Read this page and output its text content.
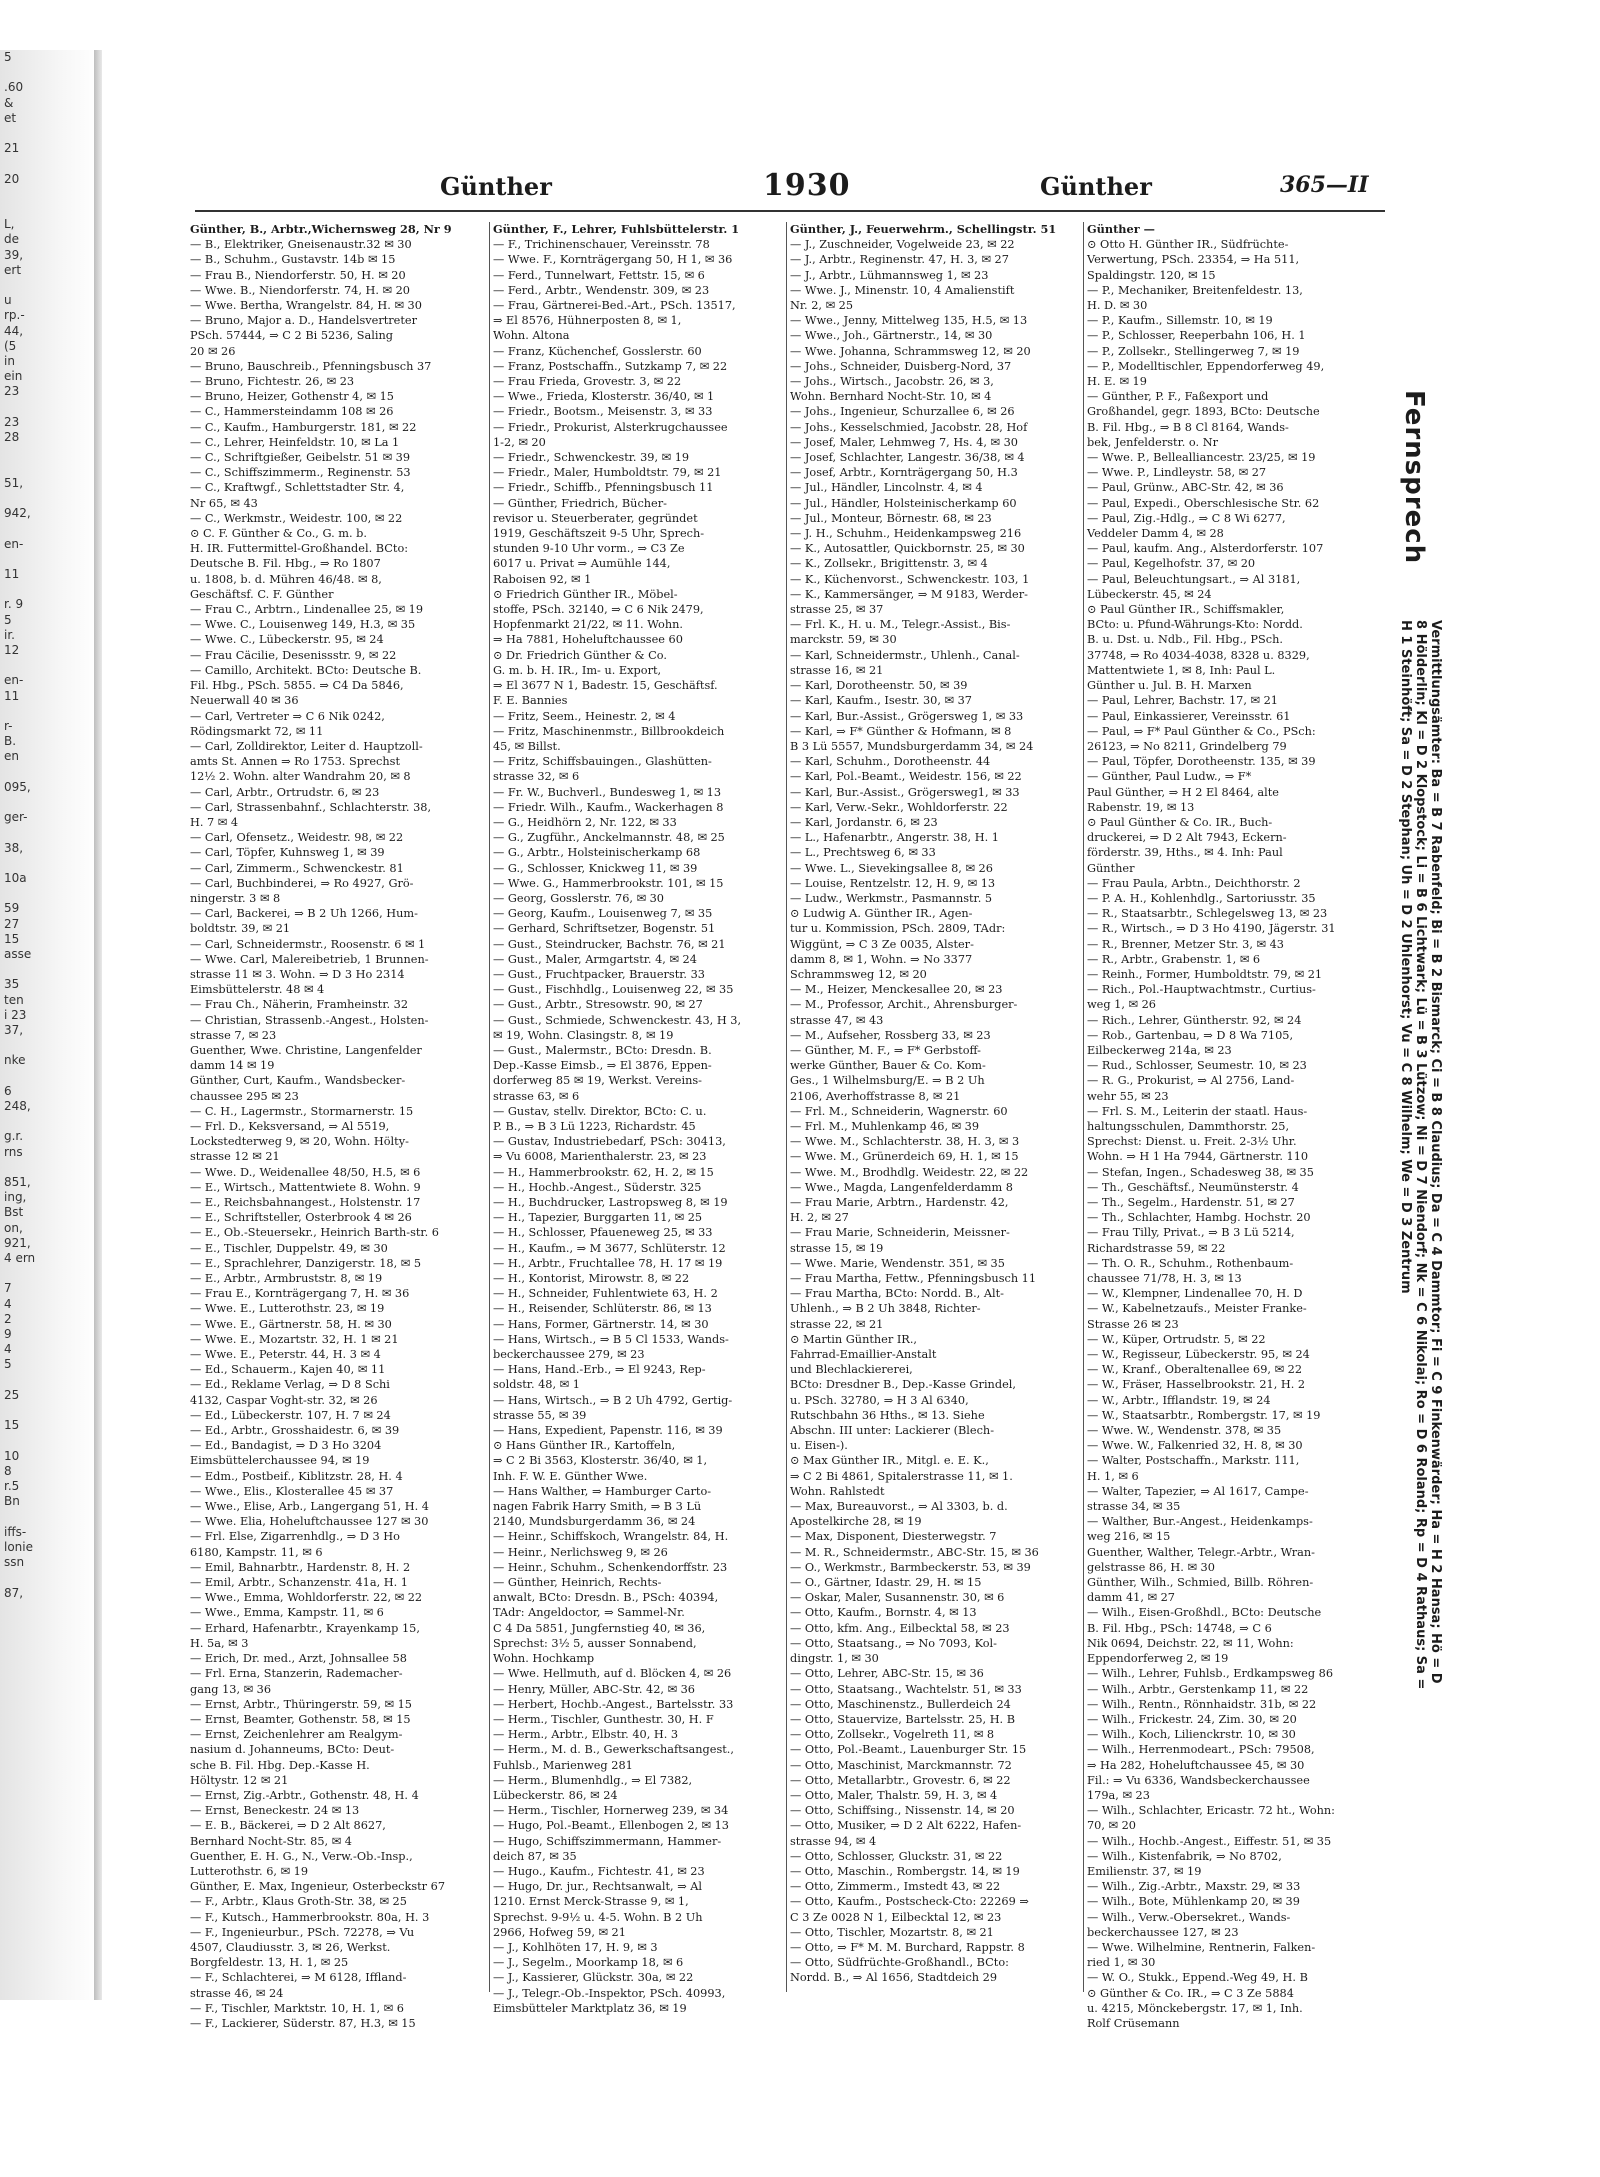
5

.60
&
et

21

20

L,
de
39,
ert

u
rp.-
44,
(5
in
ein
23

23
28

51,

942,

en-

11

r. 9
5
ir.
12

en-
11

r-
B.
en

095,

ger-

38,

10a

59
27
15
asse

35
ten
i 23
37,

nke

6
248,

g.r.
rns

851,
ing,
Bst
on,
921,
4 ern

7
4
2
9
4
5

25

15

10
8
r.5
Bn

iffs-
lonie
ssn

87,
Günther	1930	Günther	365—II
Günther, B., Arbtr.,Wichernsweg 28, Nr 9
— B., Elektriker, Gneisenaustr.32 ✉ 30
— B., Schuhm., Gustavstr. 14b ✉ 15
— Frau B., Niendorferstr. 50, H. ✉ 20
— Wwe. B., Niendorferstr. 74, H. ✉ 20
— Wwe. Bertha, Wrangelstr. 84, H. ✉ 30
— Bruno, Major a. D., Handelsvertreter
PSch. 57444, ⇒ C 2 Bi 5236, Saling
20 ✉ 26
— Bruno, Bauschreib., Pfenningsbusch 37
— Bruno, Fichtestr. 26, ✉ 23
— Bruno, Heizer, Gothenstr 4, ✉ 15
— C., Hammersteindamm 108 ✉ 26
— C., Kaufm., Hamburgerstr. 181, ✉ 22
— C., Lehrer, Heinfeldstr. 10, ✉ La 1
— C., Schriftgießer, Geibelstr. 51 ✉ 39
— C., Schiffszimmerm., Reginenstr. 53
— C., Kraftwgf., Schlettstadter Str. 4,
Nr 65, ✉ 43
— C., Werkmstr., Weidestr. 100, ✉ 22
⊙ C. F. Günther & Co., G. m. b.
H. IR. Futtermittel-Großhandel. BCto:
Deutsche B. Fil. Hbg., ⇒ Ro 1807
u. 1808, b. d. Mühren 46/48. ✉ 8,
Geschäftsf. C. F. Günther
— Frau C., Arbtrn., Lindenallee 25, ✉ 19
— Wwe. C., Louisenweg 149, H.3, ✉ 35
— Wwe. C., Lübeckerstr. 95, ✉ 24
— Frau Cäcilie, Desenissstr. 9, ✉ 22
— Camillo, Architekt. BCto: Deutsche B.
Fil. Hbg., PSch. 5855. ⇒ C4 Da 5846,
Neuerwall 40 ✉ 36
— Carl, Vertreter ⇒ C 6 Nik 0242,
Rödingsmarkt 72, ✉ 11
— Carl, Zolldirektor, Leiter d. Hauptzoll-
amts St. Annen ⇒ Ro 1753. Sprechst
12½ 2. Wohn. alter Wandrahm 20, ✉ 8
— Carl, Arbtr., Ortrudstr. 6, ✉ 23
— Carl, Strassenbahnf., Schlachterstr. 38,
H. 7 ✉ 4
— Carl, Ofensetz., Weidestr. 98, ✉ 22
— Carl, Töpfer, Kuhnsweg 1, ✉ 39
— Carl, Zimmerm., Schwenckestr. 81
— Carl, Buchbinderei, ⇒ Ro 4927, Grö-
ningerstr. 3 ✉ 8
— Carl, Backerei, ⇒ B 2 Uh 1266, Hum-
boldtstr. 39, ✉ 21
— Carl, Schneidermstr., Roosenstr. 6 ✉ 1
— Wwe. Carl, Malereibetrieb, 1 Brunnen-
strasse 11 ✉ 3. Wohn. ⇒ D 3 Ho 2314
Eimsbüttelerstr. 48 ✉ 4
— Frau Ch., Näherin, Framheinstr. 32
— Christian, Strassenb.-Angest., Holsten-
strasse 7, ✉ 23
Guenther, Wwe. Christine, Langenfelder
damm 14 ✉ 19
Günther, Curt, Kaufm., Wandsbecker-
chaussee 295 ✉ 23
— C. H., Lagermstr., Stormarnerstr. 15
— Frl. D., Keksversand, ⇒ Al 5519,
Lockstedterweg 9, ✉ 20, Wohn. Hölty-
strasse 12 ✉ 21
— Wwe. D., Weidenallee 48/50, H.5, ✉ 6
— E., Wirtsch., Mattentwiete 8. Wohn. 9
— E., Reichsbahnangest., Holstenstr. 17
— E., Schriftsteller, Osterbrook 4 ✉ 26
— E., Ob.-Steuersekr., Heinrich Barth-str. 6
— E., Tischler, Duppelstr. 49, ✉ 30
— E., Sprachlehrer, Danzigerstr. 18, ✉ 5
— E., Arbtr., Armbruststr. 8, ✉ 19
— Frau E., Kornträgergang 7, H. ✉ 36
— Wwe. E., Lutterothstr. 23, ✉ 19
— Wwe. E., Gärtnerstr. 58, H. ✉ 30
— Wwe. E., Mozartstr. 32, H. 1 ✉ 21
— Wwe. E., Peterstr. 44, H. 3 ✉ 4
— Ed., Schauerm., Kajen 40, ✉ 11
— Ed., Reklame Verlag, ⇒ D 8 Schi
4132, Caspar Voght-str. 32, ✉ 26
— Ed., Lübeckerstr. 107, H. 7 ✉ 24
— Ed., Arbtr., Grosshaidestr. 6, ✉ 39
— Ed., Bandagist, ⇒ D 3 Ho 3204
Eimsbüttelerchaussee 94, ✉ 19
— Edm., Postbeif., Kiblitzstr. 28, H. 4
— Wwe., Elis., Klosterallee 45 ✉ 37
— Wwe., Elise, Arb., Langergang 51, H. 4
— Wwe. Elia, Hoheluftchaussee 127 ✉ 30
— Frl. Else, Zigarrenhdlg., ⇒ D 3 Ho
6180, Kampstr. 11, ✉ 6
— Emil, Bahnarbtr., Hardenstr. 8, H. 2
— Emil, Arbtr., Schanzenstr. 41a, H. 1
— Wwe., Emma, Wohldorferstr. 22, ✉ 22
— Wwe., Emma, Kampstr. 11, ✉ 6
— Erhard, Hafenarbtr., Krayenkamp 15,
H. 5a, ✉ 3
— Erich, Dr. med., Arzt, Johnsallee 58
— Frl. Erna, Stanzerin, Rademacher-
gang 13, ✉ 36
— Ernst, Arbtr., Thüringerstr. 59, ✉ 15
— Ernst, Beamter, Gothenstr. 58, ✉ 15
— Ernst, Zeichenlehrer am Realgym-
nasium d. Johanneums, BCto: Deut-
sche B. Fil. Hbg. Dep.-Kasse H.
Höltystr. 12 ✉ 21
— Ernst, Zig.-Arbtr., Gothenstr. 48, H. 4
— Ernst, Beneckestr. 24 ✉ 13
— E. B., Bäckerei, ⇒ D 2 Alt 8627,
Bernhard Nocht-Str. 85, ✉ 4
Guenther, E. H. G., N., Verw.-Ob.-Insp.,
Lutterothstr. 6, ✉ 19
Günther, E. Max, Ingenieur, Osterbeckstr 67
— F., Arbtr., Klaus Groth-Str. 38, ✉ 25
— F., Kutsch., Hammerbrookstr. 80a, H. 3
— F., Ingenieurbur., PSch. 72278, ⇒ Vu
4507, Claudiusstr. 3, ✉ 26, Werkst.
Borgfeldestr. 13, H. 1, ✉ 25
— F., Schlachterei, ⇒ M 6128, Iffland-
strasse 46, ✉ 24
— F., Tischler, Marktstr. 10, H. 1, ✉ 6
— F., Lackierer, Süderstr. 87, H.3, ✉ 15
Günther, F., Lehrer, Fuhlsbüttelerstr. 1
— F., Trichinenschauer, Vereinsstr. 78
— Wwe. F., Kornträgergang 50, H 1, ✉ 36
— Ferd., Tunnelwart, Fettstr. 15, ✉ 6
— Ferd., Arbtr., Wendenstr. 309, ✉ 23
— Frau, Gärtnerei-Bed.-Art., PSch. 13517,
⇒ El 8576, Hühnerposten 8, ✉ 1,
Wohn. Altona
— Franz, Küchenchef, Gosslerstr. 60
— Franz, Postschaffn., Sutzkamp 7, ✉ 22
— Frau Frieda, Grovestr. 3, ✉ 22
— Wwe., Frieda, Klosterstr. 36/40, ✉ 1
— Friedr., Bootsm., Meisenstr. 3, ✉ 33
— Friedr., Prokurist, Alsterkrugchaussee
1-2, ✉ 20
— Friedr., Schwenckestr. 39, ✉ 19
— Friedr., Maler, Humboldtstr. 79, ✉ 21
— Friedr., Schiffb., Pfenningsbusch 11
— Günther, Friedrich, Bücher-
revisor u. Steuerberater, gegründet
1919, Geschäftszeit 9-5 Uhr, Sprech-
stunden 9-10 Uhr vorm., ⇒ C3 Ze
6017 u. Privat ⇒ Aumühle 144,
Raboisen 92, ✉ 1
⊙ Friedrich Günther IR., Möbel-
stoffe, PSch. 32140, ⇒ C 6 Nik 2479,
Hopfenmarkt 21/22, ✉ 11. Wohn.
⇒ Ha 7881, Hoheluftchaussee 60
⊙ Dr. Friedrich Günther & Co.
G. m. b. H. IR., Im- u. Export,
⇒ El 3677 N 1, Badestr. 15, Geschäftsf.
F. E. Bannies
— Fritz, Seem., Heinestr. 2, ✉ 4
— Fritz, Maschinenmstr., Billbrookdeich
45, ✉ Billst.
— Fritz, Schiffsbauingen., Glashütten-
strasse 32, ✉ 6
— Fr. W., Buchverl., Bundesweg 1, ✉ 13
— Friedr. Wilh., Kaufm., Wackerhagen 8
— G., Heidhörn 2, Nr. 122, ✉ 33
— G., Zugführ., Anckelmannstr. 48, ✉ 25
— G., Arbtr., Holsteinischerkamp 68
— G., Schlosser, Knickweg 11, ✉ 39
— Wwe. G., Hammerbrookstr. 101, ✉ 15
— Georg, Gosslerstr. 76, ✉ 30
— Georg, Kaufm., Louisenweg 7, ✉ 35
— Gerhard, Schriftsetzer, Bogenstr. 51
— Gust., Steindrucker, Bachstr. 76, ✉ 21
— Gust., Maler, Armgartstr. 4, ✉ 24
— Gust., Fruchtpacker, Brauerstr. 33
— Gust., Fischhdlg., Louisenweg 22, ✉ 35
— Gust., Arbtr., Stresowstr. 90, ✉ 27
— Gust., Schmiede, Schwenckestr. 43, H 3,
✉ 19, Wohn. Clasingstr. 8, ✉ 19
— Gust., Malermstr., BCto: Dresdn. B.
Dep.-Kasse Eimsb., ⇒ El 3876, Eppen-
dorferweg 85 ✉ 19, Werkst. Vereins-
strasse 63, ✉ 6
— Gustav, stellv. Direktor, BCto: C. u.
P. B., ⇒ B 3 Lü 1223, Richardstr. 45
— Gustav, Industriebedarf, PSch: 30413,
⇒ Vu 6008, Marienthalerstr. 23, ✉ 23
— H., Hammerbrookstr. 62, H. 2, ✉ 15
— H., Hochb.-Angest., Süderstr. 325
— H., Buchdrucker, Lastropsweg 8, ✉ 19
— H., Tapezier, Burggarten 11, ✉ 25
— H., Schlosser, Pfaueneweg 25, ✉ 33
— H., Kaufm., ⇒ M 3677, Schlüterstr. 12
— H., Arbtr., Fruchtallee 78, H. 17 ✉ 19
— H., Kontorist, Mirowstr. 8, ✉ 22
— H., Schneider, Fuhlentwiete 63, H. 2
— H., Reisender, Schlüterstr. 86, ✉ 13
— Hans, Former, Gärtnerstr. 14, ✉ 30
— Hans, Wirtsch., ⇒ B 5 Cl 1533, Wands-
beckerchaussee 279, ✉ 23
— Hans, Hand.-Erb., ⇒ El 9243, Rep-
soldstr. 48, ✉ 1
— Hans, Wirtsch., ⇒ B 2 Uh 4792, Gertig-
strasse 55, ✉ 39
— Hans, Expedient, Papenstr. 116, ✉ 39
⊙ Hans Günther IR., Kartoffeln,
⇒ C 2 Bi 3563, Klosterstr. 36/40, ✉ 1,
Inh. F. W. E. Günther Wwe.
— Hans Walther, ⇒ Hamburger Carto-
nagen Fabrik Harry Smith, ⇒ B 3 Lü
2140, Mundsburgerdamm 36, ✉ 24
— Heinr., Schiffskoch, Wrangelstr. 84, H.
— Heinr., Nerlichsweg 9, ✉ 26
— Heinr., Schuhm., Schenkendorffstr. 23
— Günther, Heinrich, Rechts-
anwalt, BCto: Dresdn. B., PSch: 40394,
TAdr: Angeldoctor, ⇒ Sammel-Nr.
C 4 Da 5851, Jungfernstieg 40, ✉ 36,
Sprechst: 3½ 5, ausser Sonnabend,
Wohn. Hochkamp
— Wwe. Hellmuth, auf d. Blöcken 4, ✉ 26
— Henry, Müller, ABC-Str. 42, ✉ 36
— Herbert, Hochb.-Angest., Bartelsstr. 33
— Herm., Tischler, Gunthestr. 30, H. F
— Herm., Arbtr., Elbstr. 40, H. 3
— Herm., M. d. B., Gewerkschaftsangest.,
Fuhlsb., Marienweg 281
— Herm., Blumenhdlg., ⇒ El 7382,
Lübeckerstr. 86, ✉ 24
— Herm., Tischler, Hornerweg 239, ✉ 34
— Hugo, Pol.-Beamt., Ellenbogen 2, ✉ 13
— Hugo, Schiffszimmermann, Hammer-
deich 87, ✉ 35
— Hugo., Kaufm., Fichtestr. 41, ✉ 23
— Hugo, Dr. jur., Rechtsanwalt, ⇒ Al
1210. Ernst Merck-Strasse 9, ✉ 1,
Sprechst. 9-9½ u. 4-5. Wohn. B 2 Uh
2966, Hofweg 59, ✉ 21
— J., Kohlhöten 17, H. 9, ✉ 3
— J., Segelm., Moorkamp 18, ✉ 6
— J., Kassierer, Glückstr. 30a, ✉ 22
— J., Telegr.-Ob.-Inspektor, PSch. 40993,
Eimsbütteler Marktplatz 36, ✉ 19
Günther, J., Feuerwehrm., Schellingstr. 51
— J., Zuschneider, Vogelweide 23, ✉ 22
— J., Arbtr., Reginenstr. 47, H. 3, ✉ 27
— J., Arbtr., Lühmannsweg 1, ✉ 23
— Wwe. J., Minenstr. 10, 4 Amalienstift
Nr. 2, ✉ 25
— Wwe., Jenny, Mittelweg 135, H.5, ✉ 13
— Wwe., Joh., Gärtnerstr., 14, ✉ 30
— Wwe. Johanna, Schrammsweg 12, ✉ 20
— Johs., Schneider, Duisberg-Nord, 37
— Johs., Wirtsch., Jacobstr. 26, ✉ 3,
Wohn. Bernhard Nocht-Str. 10, ✉ 4
— Johs., Ingenieur, Schurzallee 6, ✉ 26
— Johs., Kesselschmied, Jacobstr. 28, Hof
— Josef, Maler, Lehmweg 7, Hs. 4, ✉ 30
— Josef, Schlachter, Langestr. 36/38, ✉ 4
— Josef, Arbtr., Kornträgergang 50, H.3
— Jul., Händler, Lincolnstr. 4, ✉ 4
— Jul., Händler, Holsteinischerkamp 60
— Jul., Monteur, Börnestr. 68, ✉ 23
— J. H., Schuhm., Heidenkampsweg 216
— K., Autosattler, Quickbornstr. 25, ✉ 30
— K., Zollsekr., Brigittenstr. 3, ✉ 4
— K., Küchenvorst., Schwenckestr. 103, 1
— K., Kammersänger, ⇒ M 9183, Werder-
strasse 25, ✉ 37
— Frl. K., H. u. M., Telegr.-Assist., Bis-
marckstr. 59, ✉ 30
— Karl, Schneidermstr., Uhlenh., Canal-
strasse 16, ✉ 21
— Karl, Dorotheenstr. 50, ✉ 39
— Karl, Kaufm., Isestr. 30, ✉ 37
— Karl, Bur.-Assist., Grögersweg 1, ✉ 33
— Karl, ⇒ F* Günther & Hofmann, ✉ 8
B 3 Lü 5557, Mundsburgerdamm 34, ✉ 24
— Karl, Schuhm., Dorotheenstr. 44
— Karl, Pol.-Beamt., Weidestr. 156, ✉ 22
— Karl, Bur.-Assist., Grögersweg1, ✉ 33
— Karl, Verw.-Sekr., Wohldorferstr. 22
— Karl, Jordanstr. 6, ✉ 23
— L., Hafenarbtr., Angerstr. 38, H. 1
— L., Prechtsweg 6, ✉ 33
— Wwe. L., Sievekingsallee 8, ✉ 26
— Louise, Rentzelstr. 12, H. 9, ✉ 13
— Ludw., Werkmstr., Pasmannstr. 5
⊙ Ludwig A. Günther IR., Agen-
tur u. Kommission, PSch. 2809, TAdr:
Wiggünt, ⇒ C 3 Ze 0035, Alster-
damm 8, ✉ 1, Wohn. ⇒ No 3377
Schrammsweg 12, ✉ 20
— M., Heizer, Menckesallee 20, ✉ 23
— M., Professor, Archit., Ahrensburger-
strasse 47, ✉ 43
— M., Aufseher, Rossberg 33, ✉ 23
— Günther, M. F., ⇒ F* Gerbstoff-
werke Günther, Bauer & Co. Kom-
Ges., 1 Wilhelmsburg/E. ⇒ B 2 Uh
2106, Averhoffstrasse 8, ✉ 21
— Frl. M., Schneiderin, Wagnerstr. 60
— Frl. M., Muhlenkamp 46, ✉ 39
— Wwe. M., Schlachterstr. 38, H. 3, ✉ 3
— Wwe. M., Grünerdeich 69, H. 1, ✉ 15
— Wwe. M., Brodhdlg. Weidestr. 22, ✉ 22
— Wwe., Magda, Langenfelderdamm 8
— Frau Marie, Arbtrn., Hardenstr. 42,
H. 2, ✉ 27
— Frau Marie, Schneiderin, Meissner-
strasse 15, ✉ 19
— Wwe. Marie, Wendenstr. 351, ✉ 35
— Frau Martha, Fettw., Pfenningsbusch 11
— Frau Martha, BCto: Nordd. B., Alt-
Uhlenh., ⇒ B 2 Uh 3848, Richter-
strasse 22, ✉ 21
⊙ Martin Günther IR.,
Fahrrad-Emaillier-Anstalt
und Blechlackiererei,
BCto: Dresdner B., Dep.-Kasse Grindel,
u. PSch. 32780, ⇒ H 3 Al 6340,
Rutschbahn 36 Hths., ✉ 13. Siehe
Abschn. III unter: Lackierer (Blech-
u. Eisen-).
⊙ Max Günther IR., Mitgl. e. E. K.,
⇒ C 2 Bi 4861, Spitalerstrasse 11, ✉ 1.
Wohn. Rahlstedt
— Max, Bureauvorst., ⇒ Al 3303, b. d.
Apostelkirche 28, ✉ 19
— Max, Disponent, Diesterwegstr. 7
— M. R., Schneidermstr., ABC-Str. 15, ✉ 36
— O., Werkmstr., Barmbeckerstr. 53, ✉ 39
— O., Gärtner, Idastr. 29, H. ✉ 15
— Oskar, Maler, Susannenstr. 30, ✉ 6
— Otto, Kaufm., Bornstr. 4, ✉ 13
— Otto, kfm. Ang., Eilbecktal 58, ✉ 23
— Otto, Staatsang., ⇒ No 7093, Kol-
dingstr. 1, ✉ 30
— Otto, Lehrer, ABC-Str. 15, ✉ 36
— Otto, Staatsang., Wachtelstr. 51, ✉ 33
— Otto, Maschinenstz., Bullerdeich 24
— Otto, Stauervize, Bartelsstr. 25, H. B
— Otto, Zollsekr., Vogelreth 11, ✉ 8
— Otto, Pol.-Beamt., Lauenburger Str. 15
— Otto, Maschinist, Marckmannstr. 72
— Otto, Metallarbtr., Grovestr. 6, ✉ 22
— Otto, Maler, Thalstr. 59, H. 3, ✉ 4
— Otto, Schiffsing., Nissenstr. 14, ✉ 20
— Otto, Musiker, ⇒ D 2 Alt 6222, Hafen-
strasse 94, ✉ 4
— Otto, Schlosser, Gluckstr. 31, ✉ 22
— Otto, Maschin., Rombergstr. 14, ✉ 19
— Otto, Zimmerm., Imstedt 43, ✉ 22
— Otto, Kaufm., Postscheck-Cto: 22269 ⇒
C 3 Ze 0028 N 1, Eilbecktal 12, ✉ 23
— Otto, Tischler, Mozartstr. 8, ✉ 21
— Otto, ⇒ F* M. M. Burchard, Rappstr. 8
— Otto, Südfrüchte-Großhandl., BCto:
Nordd. B., ⇒ Al 1656, Stadtdeich 29
Günther —
⊙ Otto H. Günther IR., Südfrüchte-
Verwertung, PSch. 23354, ⇒ Ha 511,
Spaldingstr. 120, ✉ 15
— P., Mechaniker, Breitenfeldestr. 13,
H. D. ✉ 30
— P., Kaufm., Sillemstr. 10, ✉ 19
— P., Schlosser, Reeperbahn 106, H. 1
— P., Zollsekr., Stellingerweg 7, ✉ 19
— P., Modelltischler, Eppendorferweg 49,
H. E. ✉ 19
— Günther, P. F., Faßexport und
Großhandel, gegr. 1893, BCto: Deutsche
B. Fil. Hbg., ⇒ B 8 Cl 8164, Wands-
bek, Jenfelderstr. o. Nr
— Wwe. P., Bellealliancestr. 23/25, ✉ 19
— Wwe. P., Lindleystr. 58, ✉ 27
— Paul, Grünw., ABC-Str. 42, ✉ 36
— Paul, Expedi., Oberschlesische Str. 62
— Paul, Zig.-Hdlg., ⇒ C 8 Wi 6277,
Veddeler Damm 4, ✉ 28
— Paul, kaufm. Ang., Alsterdorferstr. 107
— Paul, Kegelhofstr. 37, ✉ 20
— Paul, Beleuchtungsart., ⇒ Al 3181,
Lübeckerstr. 45, ✉ 24
⊙ Paul Günther IR., Schiffsmakler,
BCto: u. Pfund-Währungs-Kto: Nordd.
B. u. Dst. u. Ndb., Fil. Hbg., PSch.
37748, ⇒ Ro 4034-4038, 8328 u. 8329,
Mattentwiete 1, ✉ 8, Inh: Paul L.
Günther u. Jul. B. H. Marxen
— Paul, Lehrer, Bachstr. 17, ✉ 21
— Paul, Einkassierer, Vereinsstr. 61
— Paul, ⇒ F* Paul Günther & Co., PSch:
26123, ⇒ No 8211, Grindelberg 79
— Paul, Töpfer, Dorotheenstr. 135, ✉ 39
— Günther, Paul Ludw., ⇒ F*
Paul Günther, ⇒ H 2 El 8464, alte
Rabenstr. 19, ✉ 13
⊙ Paul Günther & Co. IR., Buch-
druckerei, ⇒ D 2 Alt 7943, Eckern-
förderstr. 39, Hths., ✉ 4. Inh: Paul
Günther
— Frau Paula, Arbtn., Deichthorstr. 2
— P. A. H., Kohlenhdlg., Sartoriusstr. 35
— R., Staatsarbtr., Schlegelsweg 13, ✉ 23
— R., Wirtsch., ⇒ D 3 Ho 4190, Jägerstr. 31
— R., Brenner, Metzer Str. 3, ✉ 43
— R., Arbtr., Grabenstr. 1, ✉ 6
— Reinh., Former, Humboldtstr. 79, ✉ 21
— Rich., Pol.-Hauptwachtmstr., Curtius-
weg 1, ✉ 26
— Rich., Lehrer, Güntherstr. 92, ✉ 24
— Rob., Gartenbau, ⇒ D 8 Wa 7105,
Eilbeckerweg 214a, ✉ 23
— Rud., Schlosser, Seumestr. 10, ✉ 23
— R. G., Prokurist, ⇒ Al 2756, Land-
wehr 55, ✉ 23
— Frl. S. M., Leiterin der staatl. Haus-
haltungsschulen, Dammthorstr. 25,
Sprechst: Dienst. u. Freit. 2-3½ Uhr.
Wohn. ⇒ H 1 Ha 7944, Gärtnerstr. 110
— Stefan, Ingen., Schadesweg 38, ✉ 35
— Th., Geschäftsf., Neumünsterstr. 4
— Th., Segelm., Hardenstr. 51, ✉ 27
— Th., Schlachter, Hambg. Hochstr. 20
— Frau Tilly, Privat., ⇒ B 3 Lü 5214,
Richardstrasse 59, ✉ 22
— Th. O. R., Schuhm., Rothenbaum-
chaussee 71/78, H. 3, ✉ 13
— W., Klempner, Lindenallee 70, H. D
— W., Kabelnetzaufs., Meister Franke-
Strasse 26 ✉ 23
— W., Küper, Ortrudstr. 5, ✉ 22
— W., Regisseur, Lübeckerstr. 95, ✉ 24
— W., Kranf., Oberaltenallee 69, ✉ 22
— W., Fräser, Hasselbrookstr. 21, H. 2
— W., Arbtr., Ifflandstr. 19, ✉ 24
— W., Staatsarbtr., Rombergstr. 17, ✉ 19
— Wwe. W., Wendenstr. 378, ✉ 35
— Wwe. W., Falkenried 32, H. 8, ✉ 30
— Walter, Postschaffn., Markstr. 111,
H. 1, ✉ 6
— Walter, Tapezier, ⇒ Al 1617, Campe-
strasse 34, ✉ 35
— Walther, Bur.-Angest., Heidenkamps-
weg 216, ✉ 15
Guenther, Walther, Telegr.-Arbtr., Wran-
gelstrasse 86, H. ✉ 30
Günther, Wilh., Schmied, Billb. Röhren-
damm 41, ✉ 27
— Wilh., Eisen-Großhdl., BCto: Deutsche
B. Fil. Hbg., PSch: 14748, ⇒ C 6
Nik 0694, Deichstr. 22, ✉ 11, Wohn:
Eppendorferweg 2, ✉ 19
— Wilh., Lehrer, Fuhlsb., Erdkampsweg 86
— Wilh., Arbtr., Gerstenkamp 11, ✉ 22
— Wilh., Rentn., Rönnhaidstr. 31b, ✉ 22
— Wilh., Frickestr. 24, Zim. 30, ✉ 20
— Wilh., Koch, Lilienckrstr. 10, ✉ 30
— Wilh., Herrenmodeart., PSch: 79508,
⇒ Ha 282, Hoheluftchaussee 45, ✉ 30
Fil.: ⇒ Vu 6336, Wandsbeckerchaussee
179a, ✉ 23
— Wilh., Schlachter, Ericastr. 72 ht., Wohn:
70, ✉ 20
— Wilh., Hochb.-Angest., Eiffestr. 51, ✉ 35
— Wilh., Kistenfabrik, ⇒ No 8702,
Emilienstr. 37, ✉ 19
— Wilh., Zig.-Arbtr., Maxstr. 29, ✉ 33
— Wilh., Bote, Mühlenkamp 20, ✉ 39
— Wilh., Verw.-Obersekret., Wands-
beckerchaussee 127, ✉ 23
— Wwe. Wilhelmine, Rentnerin, Falken-
ried 1, ✉ 30
— W. O., Stukk., Eppend.-Weg 49, H. B
⊙ Günther & Co. IR., ⇒ C 3 Ze 5884
u. 4215, Mönckebergstr. 17, ✉ 1, Inh.
Rolf Crüsemann
Fernsprech
Vermittlungsämter: Ba = B 7 Rabenfeld; Bi = B 2 Bismarck; Ci = B 8 Claudius; Da = C 4 Dammtor; Fi = C 9 Finkenwärder; Ha = H 2 Hansa; Hö = D 8 Hölderlin; Kl = D 2 Klopstock; Li = B 6 Lichtwark; Lü = B 3 Lützow; Ni = D 7 Niendorf; Nk = C 6 Nikolai; Ro = D 6 Roland; Rp = D 4 Rathaus; Sa = H 1 Steinhöft; Sa = D 2 Stephan; Uh = D 2 Uhlenhorst; Vu = C 8 Wilhelm; We = D 3 Zentrum
